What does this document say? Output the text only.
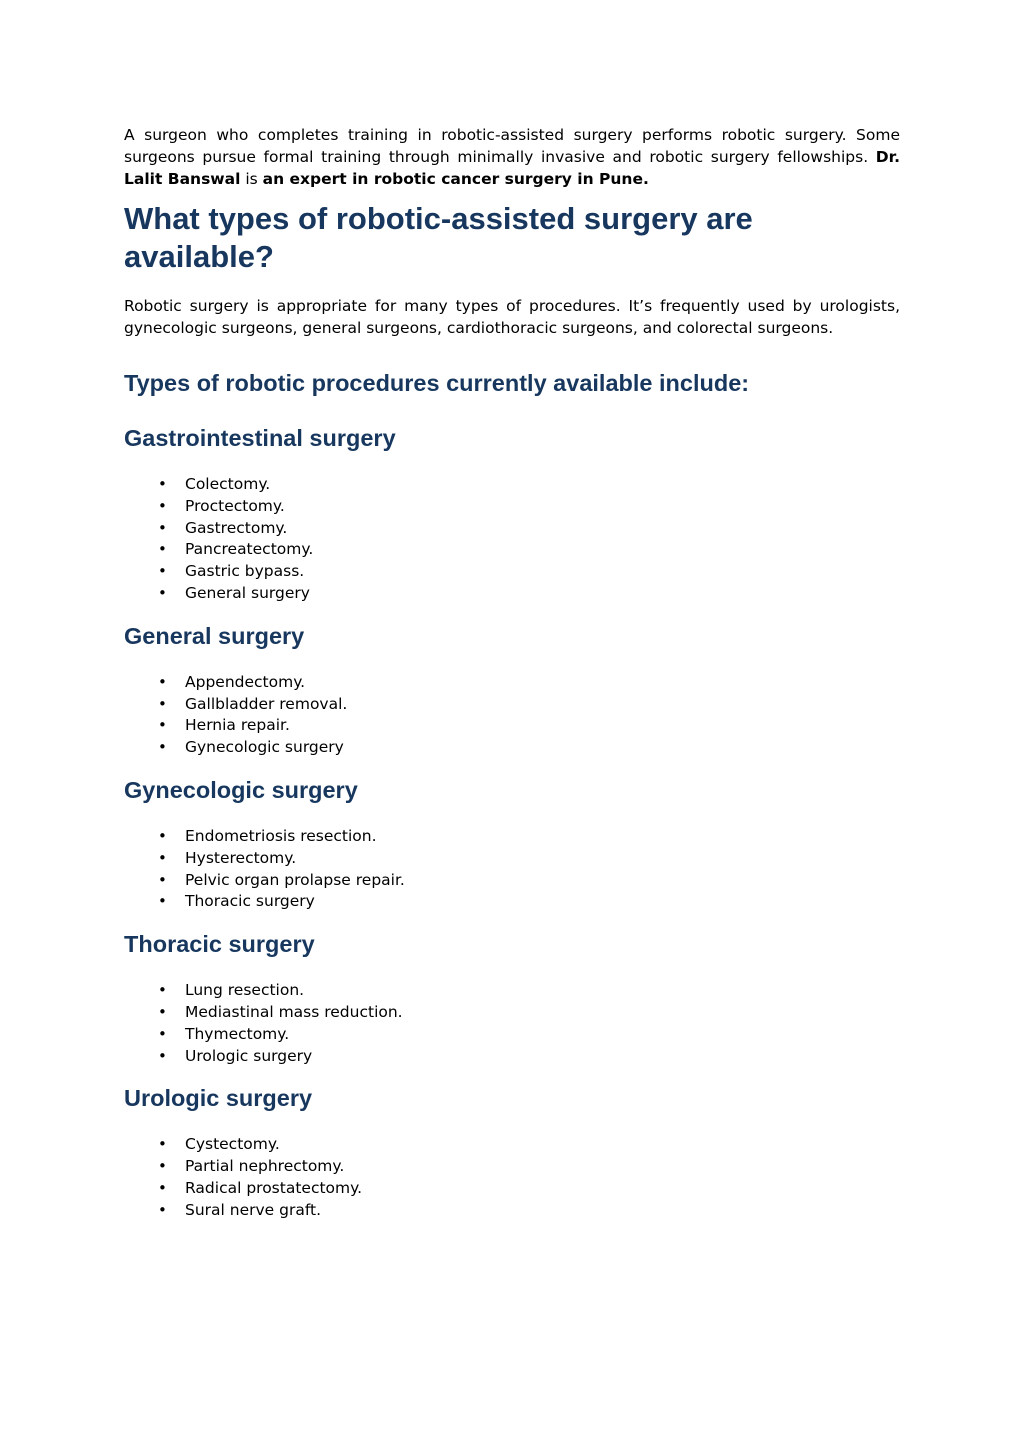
A surgeon who completes training in robotic-assisted surgery performs robotic surgery. Some surgeons pursue formal training through minimally invasive and robotic surgery fellowships. Dr. Lalit Banswal is an expert in robotic cancer surgery in Pune.

What types of robotic-assisted surgery are available?

Robotic surgery is appropriate for many types of procedures. It’s frequently used by urologists, gynecologic surgeons, general surgeons, cardiothoracic surgeons, and colorectal surgeons.

Types of robotic procedures currently available include:
Gastrointestinal surgery
• Colectomy.
• Proctectomy.
• Gastrectomy.
• Pancreatectomy.
• Gastric bypass.
• General surgery
General surgery
• Appendectomy.
• Gallbladder removal.
• Hernia repair.
• Gynecologic surgery
Gynecologic surgery
• Endometriosis resection.
• Hysterectomy.
• Pelvic organ prolapse repair.
• Thoracic surgery
Thoracic surgery
• Lung resection.
• Mediastinal mass reduction.
• Thymectomy.
• Urologic surgery
Urologic surgery
• Cystectomy.
• Partial nephrectomy.
• Radical prostatectomy.
• Sural nerve graft.
